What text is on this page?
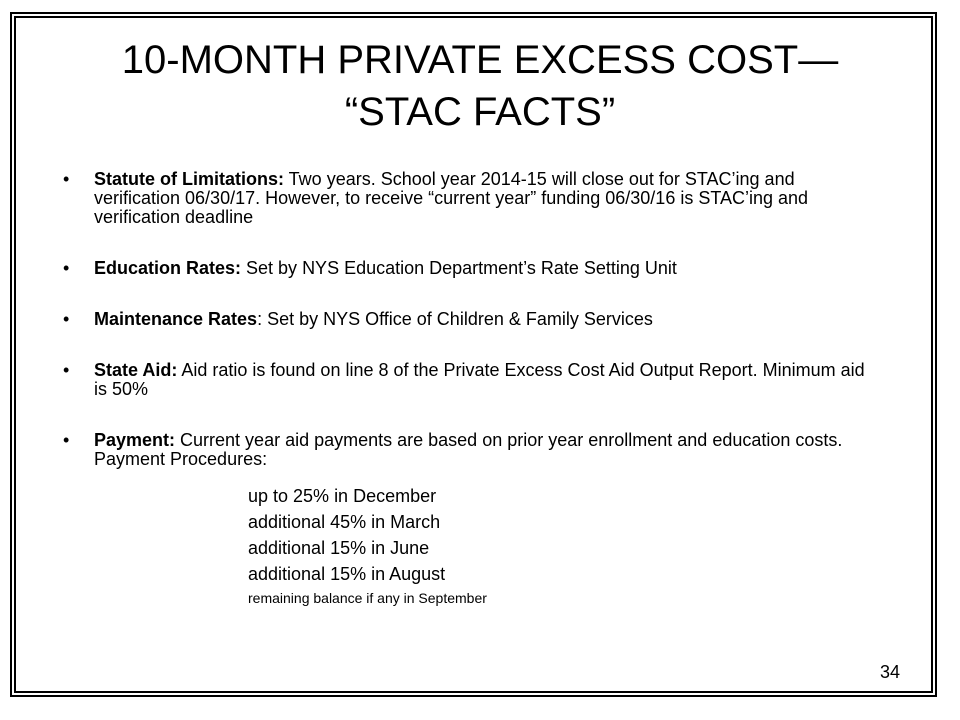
10-MONTH PRIVATE EXCESS COST—
“STAC FACTS”
• Statute of Limitations: Two years. School year 2014-15 will close out for STAC’ing and verification 06/30/17. However, to receive “current year” funding 06/30/16 is STAC’ing and verification deadline
• Education Rates: Set by NYS Education Department’s Rate Setting Unit
• Maintenance Rates: Set by NYS Office of Children & Family Services
• State Aid: Aid ratio is found on line 8 of the Private Excess Cost Aid Output Report. Minimum aid is 50%
• Payment: Current year aid payments are based on prior year enrollment and education costs. Payment Procedures:
up to 25% in December
additional 45% in March
additional 15% in June
additional 15% in August
remaining balance if any in September
34
